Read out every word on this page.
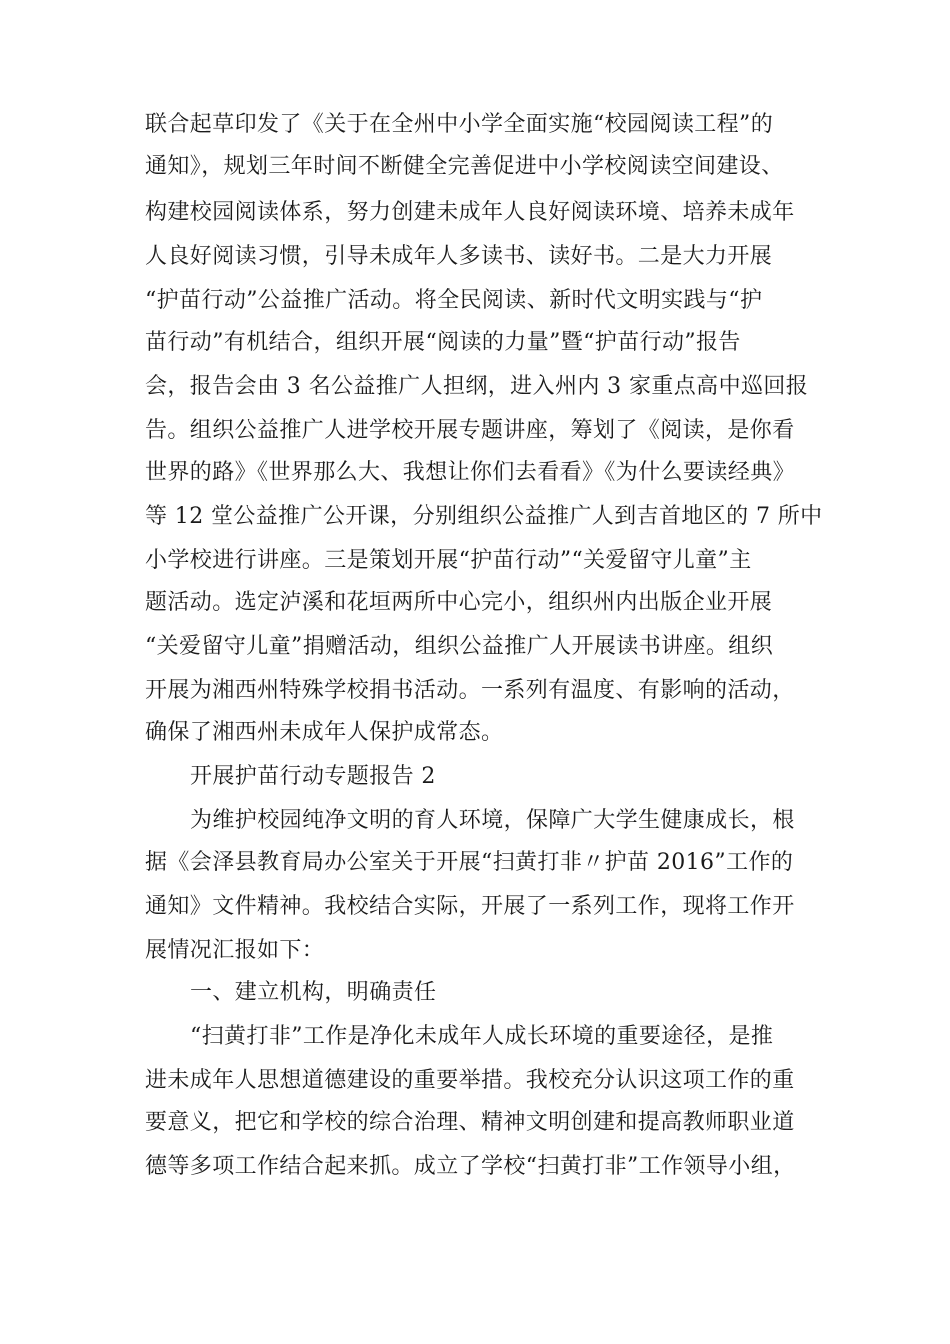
联合起草印发了《关于在全州中小学全面实施“校园阅读工程”的
通知》，规划三年时间不断健全完善促进中小学校阅读空间建设、
构建校园阅读体系，努力创建未成年人良好阅读环境、培养未成年
人良好阅读习惯，引导未成年人多读书、读好书。二是大力开展
“护苗行动”公益推广活动。将全民阅读、新时代文明实践与“护
苗行动”有机结合，组织开展“阅读的力量”暨“护苗行动”报告
会，报告会由 3 名公益推广人担纲，进入州内 3 家重点高中巡回报
告。组织公益推广人进学校开展专题讲座，筹划了《阅读，是你看
世界的路》《世界那么大、我想让你们去看看》《为什么要读经典》
等 12 堂公益推广公开课，分别组织公益推广人到吉首地区的 7 所中
小学校进行讲座。三是策划开展“护苗行动”“关爱留守儿童”主
题活动。选定泸溪和花垣两所中心完小，组织州内出版企业开展
“关爱留守儿童”捐赠活动，组织公益推广人开展读书讲座。组织
开展为湘西州特殊学校捐书活动。一系列有温度、有影响的活动，
确保了湘西州未成年人保护成常态。
开展护苗行动专题报告 2
为维护校园纯净文明的育人环境，保障广大学生健康成长，根
据《会泽县教育局办公室关于开展“扫黄打非〃护苗 2016”工作的
通知》文件精神。我校结合实际，开展了一系列工作，现将工作开
展情况汇报如下：
一、建立机构，明确责任
“扫黄打非”工作是净化未成年人成长环境的重要途径，是推
进未成年人思想道德建设的重要举措。我校充分认识这项工作的重
要意义，把它和学校的综合治理、精神文明创建和提高教师职业道
德等多项工作结合起来抓。成立了学校“扫黄打非”工作领导小组，
